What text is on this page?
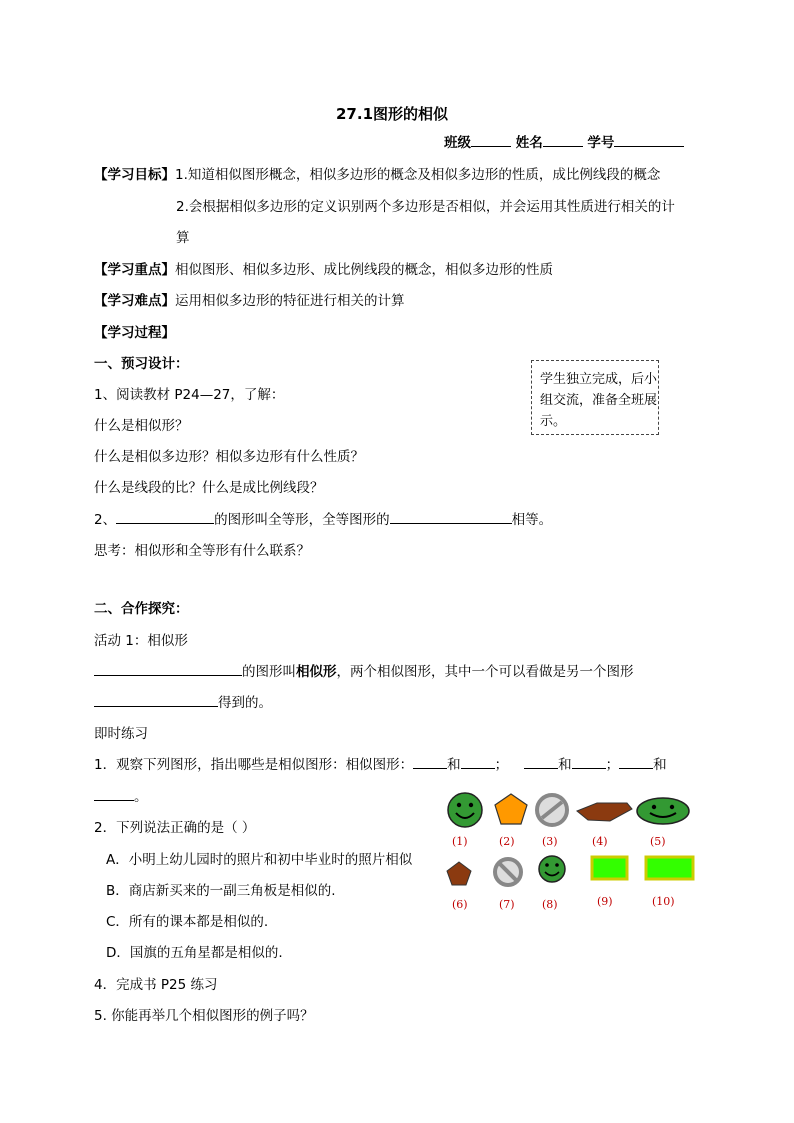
27.1图形的相似
班级	姓名	学号
【学习目标】1.知道相似图形概念，相似多边形的概念及相似多边形的性质，成比例线段的概念
2.会根据相似多边形的定义识别两个多边形是否相似，并会运用其性质进行相关的计
算
【学习重点】相似图形、相似多边形、成比例线段的概念，相似多边形的性质
【学习难点】运用相似多边形的特征进行相关的计算
【学习过程】
一、预习设计：
1、阅读教材 P24—27，了解：
什么是相似形？
什么是相似多边形？相似多边形有什么性质？
什么是线段的比？什么是成比例线段？
2、	的图形叫全等形，全等图形的	相等。
思考：相似形和全等形有什么联系？
学生独立完成，后小组交流，准备全班展示。
二、合作探究：
活动 1：相似形
的图形叫相似形，两个相似图形，其中一个可以看做是另一个图形
得到的。
即时练习
1．观察下列图形，指出哪些是相似图形：相似图形：	和	；	和	；	和
。
2．下列说法正确的是（ ）
A．小明上幼儿园时的照片和初中毕业时的照片相似
B．商店新买来的一副三角板是相似的.
C．所有的课本都是相似的.
D．国旗的五角星都是相似的.
4．完成书 P25 练习
5. 你能再举几个相似图形的例子吗？
(1)	(2) (3)	(4)	(5)
(6)	(7) (8)	(9)	(10)
